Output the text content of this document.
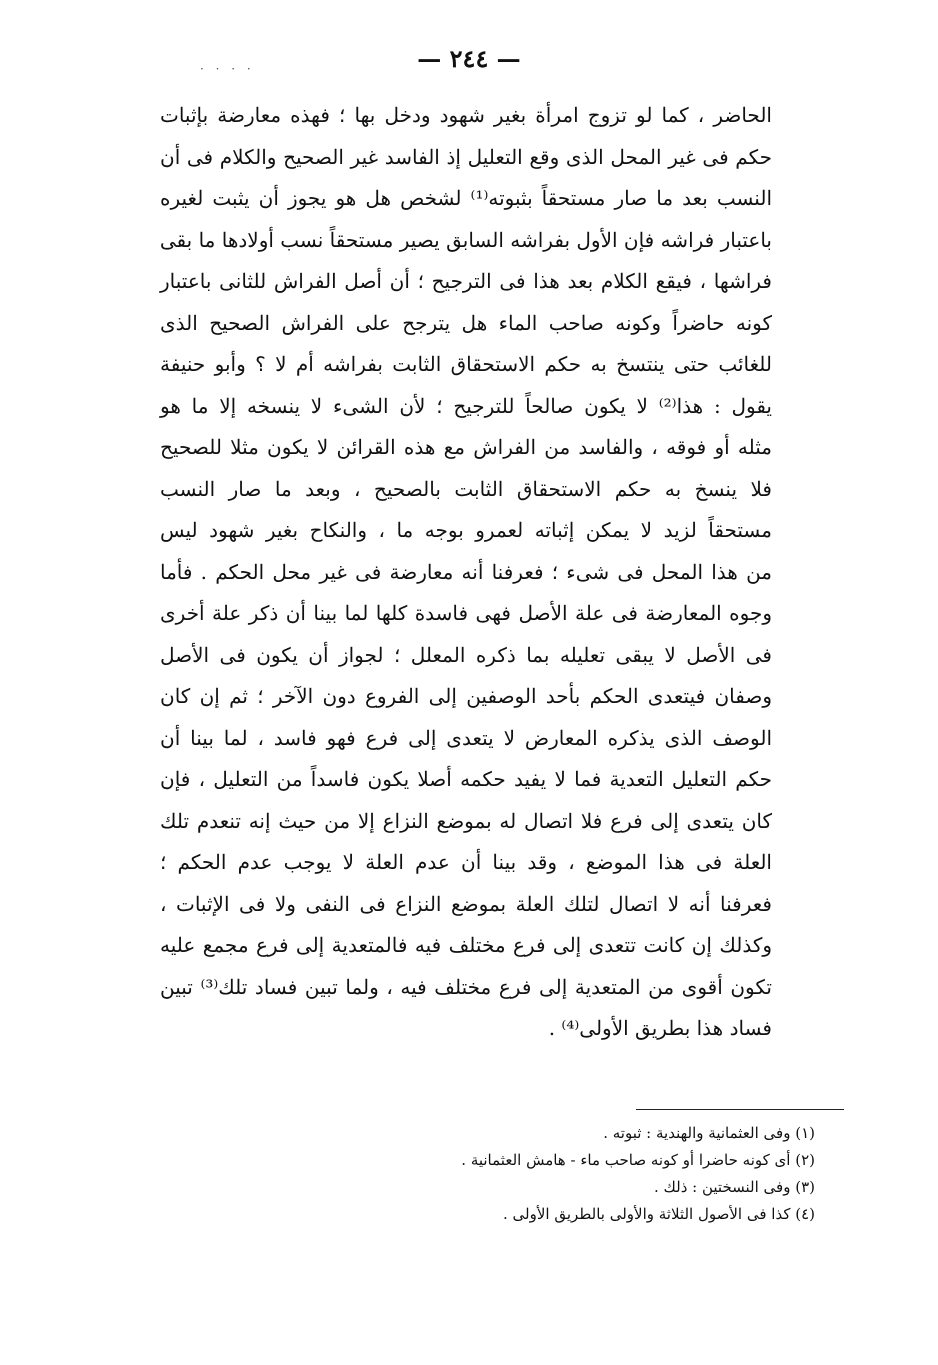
· · · ·	— ٢٤٤ —
الحاضر ، كما لو تزوج امرأة بغير شهود ودخل بها ؛ فهذه معارضة بإثبات
حكم فى غير المحل الذى وقع التعليل إذ الفاسد غير الصحيح والكلام فى أن
النسب بعد ما صار مستحقاً بثبوته⁽¹⁾ لشخص هل هو يجوز أن يثبت لغيره
باعتبار فراشه فإن الأول بفراشه السابق يصير مستحقاً نسب أولادها ما بقى
فراشها ، فيقع الكلام بعد هذا فى الترجيح ؛ أن أصل الفراش للثانى باعتبار
كونه حاضراً وكونه صاحب الماء هل يترجح على الفراش الصحيح الذى
للغائب حتى ينتسخ به حكم الاستحقاق الثابت بفراشه أم لا ؟ وأبو حنيفة
يقول : هذا⁽²⁾ لا يكون صالحاً للترجيح ؛ لأن الشىء لا ينسخه إلا ما هو
مثله أو فوقه ، والفاسد من الفراش مع هذه القرائن لا يكون مثلا للصحيح
فلا ينسخ به حكم الاستحقاق الثابت بالصحيح ، وبعد ما صار النسب
مستحقاً لزيد لا يمكن إثباته لعمرو بوجه ما ، والنكاح بغير شهود ليس
من هذا المحل فى شىء ؛ فعرفنا أنه معارضة فى غير محل الحكم . فأما
وجوه المعارضة فى علة الأصل فهى فاسدة كلها لما بينا أن ذكر علة أخرى
فى الأصل لا يبقى تعليله بما ذكره المعلل ؛ لجواز أن يكون فى الأصل
وصفان فيتعدى الحكم بأحد الوصفين إلى الفروع دون الآخر ؛ ثم إن كان
الوصف الذى يذكره المعارض لا يتعدى إلى فرع فهو فاسد ، لما بينا أن
حكم التعليل التعدية فما لا يفيد حكمه أصلا يكون فاسداً من التعليل ، فإن
كان يتعدى إلى فرع فلا اتصال له بموضع النزاع إلا من حيث إنه تنعدم تلك
العلة فى هذا الموضع ، وقد بينا أن عدم العلة لا يوجب عدم الحكم ؛
فعرفنا أنه لا اتصال لتلك العلة بموضع النزاع فى النفى ولا فى الإثبات ،
وكذلك إن كانت تتعدى إلى فرع مختلف فيه فالمتعدية إلى فرع مجمع عليه
تكون أقوى من المتعدية إلى فرع مختلف فيه ، ولما تبين فساد تلك⁽³⁾ تبين
فساد هذا بطريق الأولى⁽⁴⁾ .
(١) وفى العثمانية والهندية : ثبوته .
(٢) أى كونه حاضرا أو كونه صاحب ماء - هامش العثمانية .
(٣) وفى النسختين : ذلك .
(٤) كذا فى الأصول الثلاثة والأولى بالطريق الأولى .
